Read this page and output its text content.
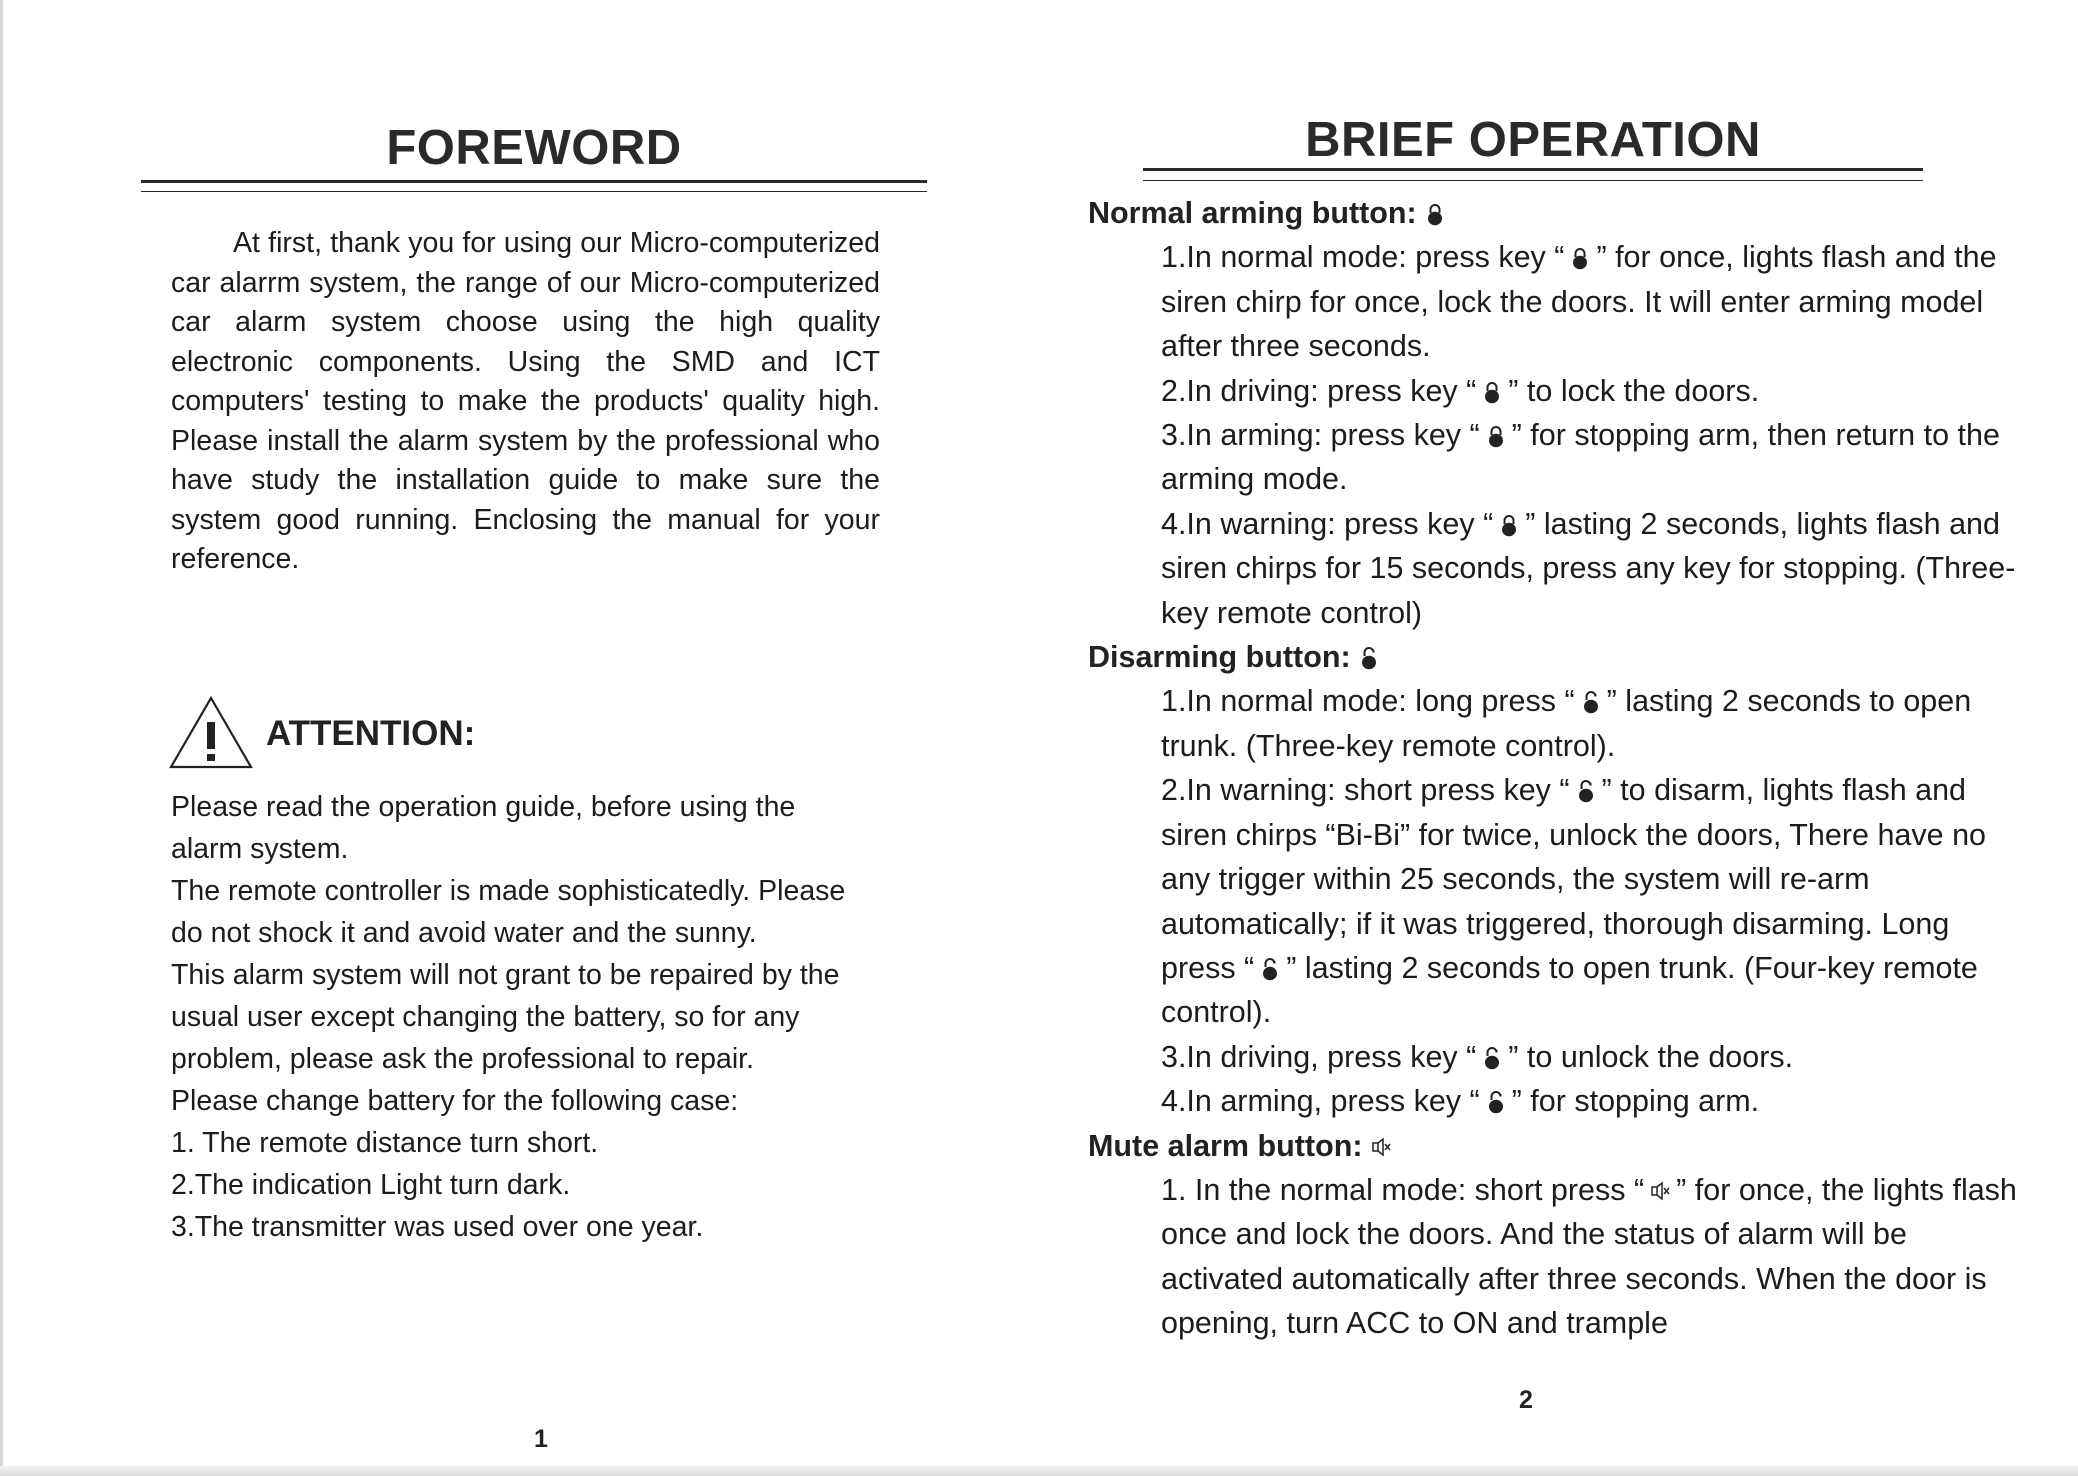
FOREWORD

At first, thank you for using our Micro-computerized car alarrm system, the range of our Micro-computerized car alarm system choose using the high quality electronic components. Using the SMD and ICT computers' testing to make the products' quality high. Please install the alarm system by the professional who have study the installation guide to make sure the system good running. Enclosing the manual for your reference.

ATTENTION:
Please read the operation guide, before using the alarm system.
The remote controller is made sophisticatedly. Please do not shock it and avoid water and the sunny.
This alarm system will not grant to be repaired by the usual user except changing the battery, so for any problem, please ask the professional to repair.
Please change battery for the following case:
1. The remote distance turn short.
2.The indication Light turn dark.
3.The transmitter was used over one year.
1
BRIEF OPERATION

Normal arming button:

1.In normal mode: press key “ ” for once, lights flash and the siren chirp for once, lock the doors. It will enter arming model after three seconds.

2.In driving: press key “ ” to lock the doors.

3.In arming: press key “ ” for stopping arm, then return to the arming mode.

4.In warning: press key “ ” lasting 2 seconds, lights flash and siren chirps for 15 seconds, press any key for stopping. (Three-key remote control)

Disarming button:

1.In normal mode: long press “ ” lasting 2 seconds to open trunk. (Three-key remote control).

2.In warning: short press key “ ” to disarm, lights flash and siren chirps “Bi-Bi” for twice, unlock the doors, There have no any trigger within 25 seconds, the system will re-arm automatically; if it was triggered, thorough disarming. Long press “ ” lasting 2 seconds to open trunk. (Four-key remote control).

3.In driving, press key “ ” to unlock the doors.

4.In arming, press key “ ” for stopping arm.

Mute alarm button:

1. In the normal mode: short press “ ” for once, the lights flash once and lock the doors. And the status of alarm will be activated automatically after three seconds. When the door is opening, turn ACC to ON and trample

2
